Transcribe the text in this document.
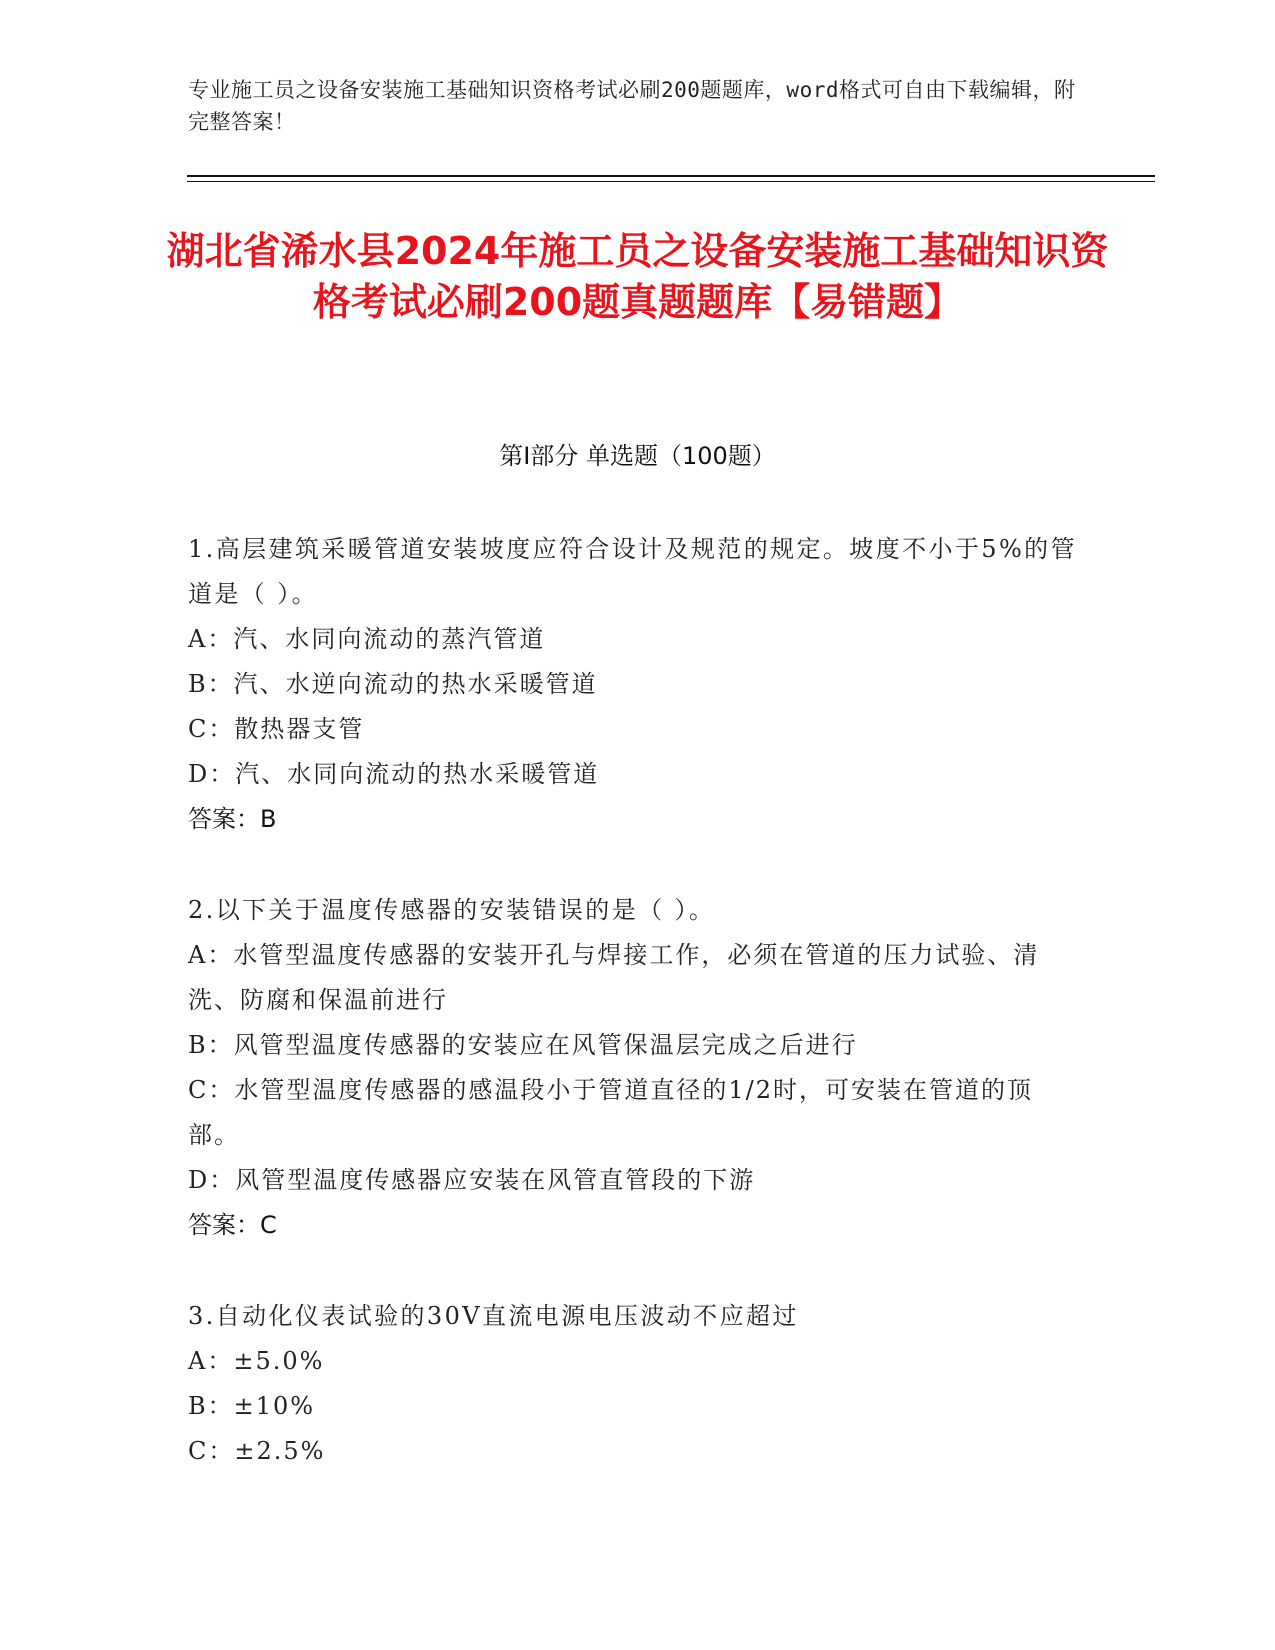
专业施工员之设备安装施工基础知识资格考试必刷200题题库，word格式可自由下载编辑，附完整答案！
湖北省浠水县2024年施工员之设备安装施工基础知识资格考试必刷200题真题题库【易错题】
第I部分 单选题（100题）
1.高层建筑采暖管道安装坡度应符合设计及规范的规定。坡度不小于5%的管道是（ ）。
A：汽、水同向流动的蒸汽管道
B：汽、水逆向流动的热水采暖管道
C：散热器支管
D：汽、水同向流动的热水采暖管道
答案：B
2.以下关于温度传感器的安装错误的是（ ）。
A：水管型温度传感器的安装开孔与焊接工作，必须在管道的压力试验、清洗、防腐和保温前进行
B：风管型温度传感器的安装应在风管保温层完成之后进行
C：水管型温度传感器的感温段小于管道直径的1/2时，可安装在管道的顶部。
D：风管型温度传感器应安装在风管直管段的下游
答案：C
3.自动化仪表试验的30V直流电源电压波动不应超过
A：±5.0%
B：±10%
C：±2.5%
